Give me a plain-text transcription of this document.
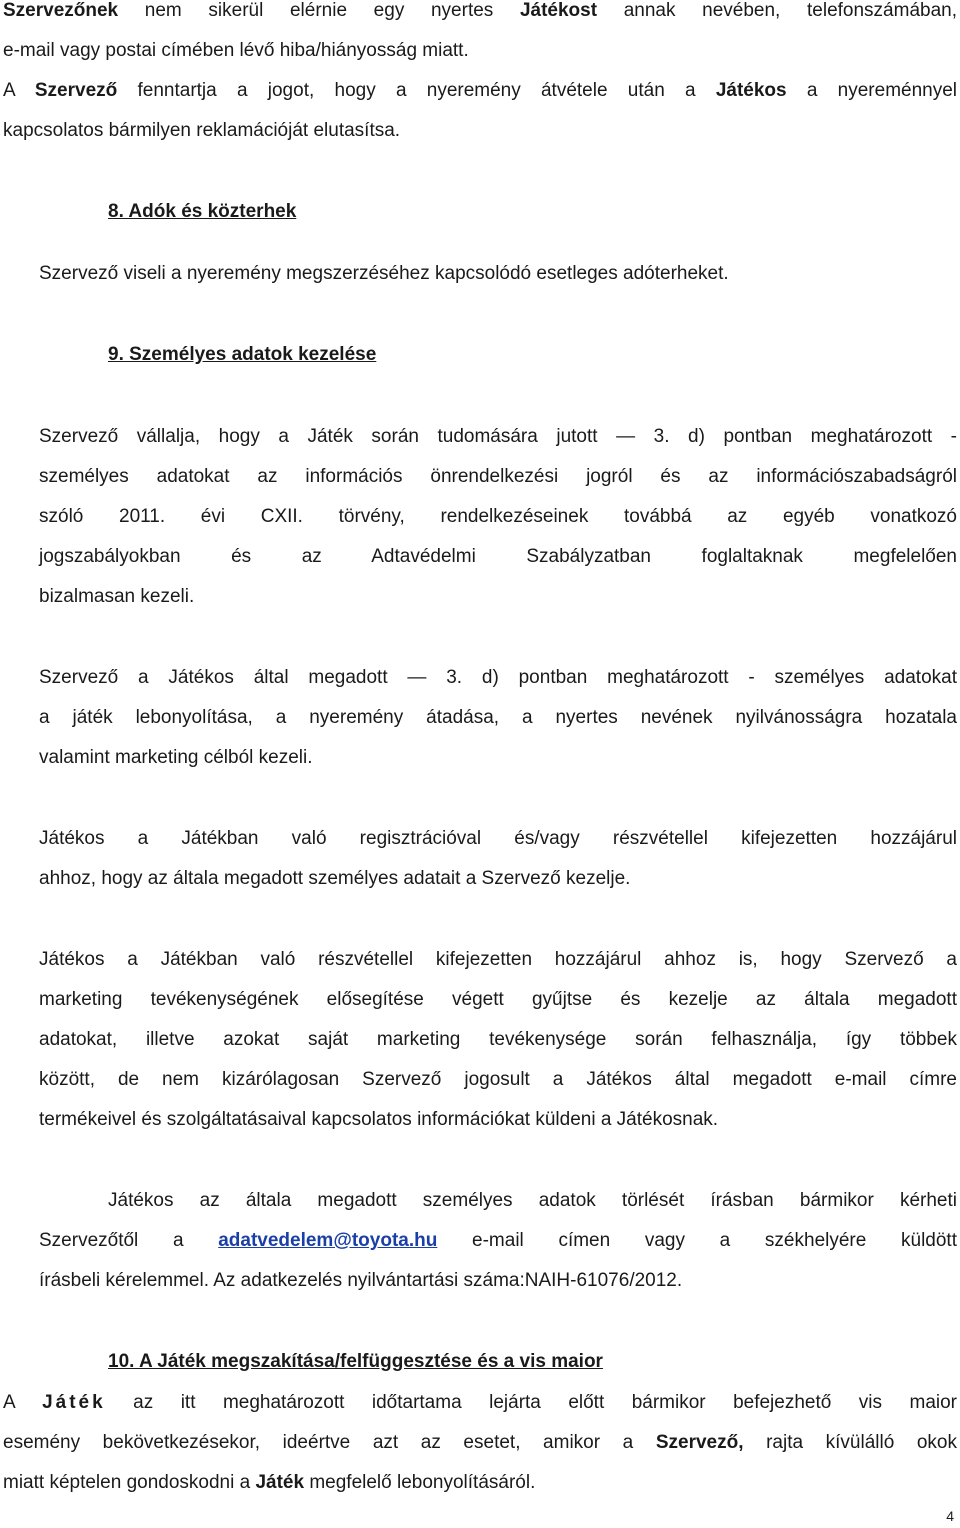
Szervezőnek nem sikerül elérnie egy nyertes Játékost annak nevében, telefonszámában,
e-mail vagy postai címében lévő hiba/hiányosság miatt.
A Szervező fenntartja a jogot, hogy a nyeremény átvétele után a Játékos a nyereménnyel
kapcsolatos bármilyen reklamációját elutasítsa.
8. Adók és közterhek
Szervező viseli a nyeremény megszerzéséhez kapcsolódó esetleges adóterheket.
9. Személyes adatok kezelése
Szervező vállalja, hogy a Játék során tudomására jutott — 3. d) pontban meghatározott -
személyes adatokat az információs önrendelkezési jogról és az információszabadságról
szóló 2011. évi CXII. törvény, rendelkezéseinek továbbá az egyéb vonatkozó
jogszabályokban és az Adtavédelmi Szabályzatban foglaltaknak megfelelően
bizalmasan kezeli.
Szervező a Játékos által megadott — 3. d) pontban meghatározott - személyes adatokat
a játék lebonyolítása, a nyeremény átadása, a nyertes nevének nyilvánosságra hozatala
valamint marketing célból kezeli.
Játékos a Játékban való regisztrációval és/vagy részvétellel kifejezetten hozzájárul
ahhoz, hogy az általa megadott személyes adatait a Szervező kezelje.
Játékos a Játékban való részvétellel kifejezetten hozzájárul ahhoz is, hogy Szervező a
marketing tevékenységének elősegítése végett gyűjtse és kezelje az általa megadott
adatokat, illetve azokat saját marketing tevékenysége során felhasználja, így többek
között, de nem kizárólagosan Szervező jogosult a Játékos által megadott e-mail címre
termékeivel és szolgáltatásaival kapcsolatos információkat küldeni a Játékosnak.
Játékos az általa megadott személyes adatok törlését írásban bármikor kérheti
Szervezőtől a adatvedelem@toyota.hu e-mail címen vagy a székhelyére küldött
írásbeli kérelemmel. Az adatkezelés nyilvántartási száma:NAIH-61076/2012.
10. A Játék megszakítása/felfüggesztése és a vis maior
A Játék az itt meghatározott időtartama lejárta előtt bármikor befejezhető vis maior
esemény bekövetkezésekor, ideértve azt az esetet, amikor a Szervező, rajta kívülálló okok
miatt képtelen gondoskodni a Játék megfelelő lebonyolításáról.
4
